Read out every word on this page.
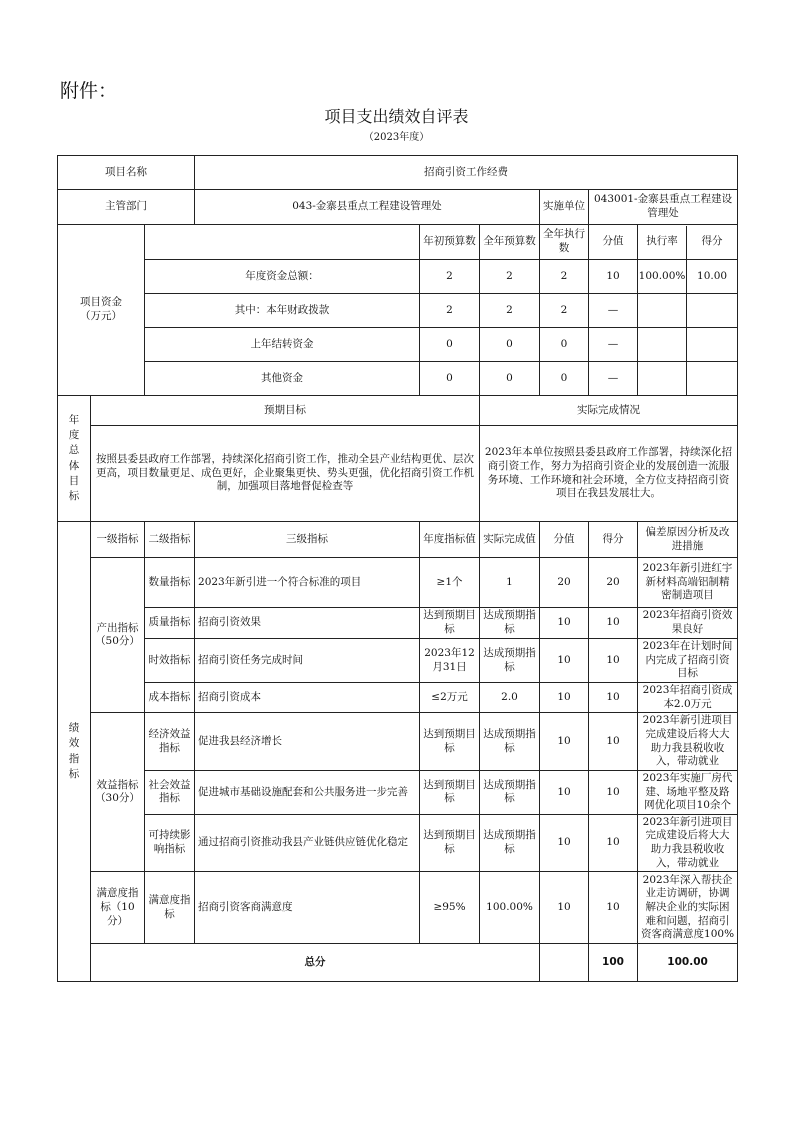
附件：
项目支出绩效自评表
（2023年度）
项目名称			招商引资工作经费						
主管部门			043-金寨县重点工程建设管理处			实施单位	043001-金寨县重点工程建设管理处		
项目资金
（万元）				年初预算数	全年预算数	全年执行数	分值	执行率 得分	

		年度资金总额：		2	2	2	10	100.00% 10.00	

		其中：本年财政拨款		2	2	2	—		

		上年结转资金		0	0	0	—		

		其他资金		0	0	0	—		

年度总体目标	预期目标				实际完成情况				
	按照县委县政府工作部署，持续深化招商引资工作，推动全县产业结构更优、层次更高，项目数量更足、成色更好，企业聚集更快、势头更强，优化招商引资工作机制，加强项目落地督促检查等				2023年本单位按照县委县政府工作部署，持续深化招商引资工作，努力为招商引资企业的发展创造一流服务环境、工作环境和社会环境，全方位支持招商引资项目在我县发展壮大。				

绩效指标	一级指标	二级指标	三级指标	年度指标值	实际完成值	分值	得分	偏差原因分析及改进措施	
	产出指标
（50分）	数量指标	2023年新引进一个符合标准的项目	≥1个	1	20	20	2023年新引进红宇新材料高端铝制精密制造项目	
		质量指标	招商引资效果	达到预期目标	达成预期指标	10	10	2023年招商引资效果良好	
		时效指标	招商引资任务完成时间	2023年12月31日	达成预期指标	10	10	2023年在计划时间内完成了招商引资目标	
		成本指标	招商引资成本	≤2万元	2.0	10	10	2023年招商引资成本2.0万元	
	效益指标
（30分）	经济效益指标	促进我县经济增长	达到预期目标	达成预期指标	10	10	2023年新引进项目完成建设后将大大助力我县税收收入，带动就业	
		社会效益指标	促进城市基础设施配套和公共服务进一步完善	达到预期目标	达成预期指标	10	10	2023年实施厂房代建、场地平整及路网优化项目10余个	
		可持续影响指标	通过招商引资推动我县产业链供应链优化稳定	达到预期目标	达成预期指标	10	10	2023年新引进项目完成建设后将大大助力我县税收收入，带动就业	
	满意度指标（10分）	满意度指标	招商引资客商满意度	≥95%	100.00%	10	10	2023年深入帮扶企业走访调研，协调解决企业的实际困难和问题，招商引资客商满意度100%	
	总分						100	100.00	
